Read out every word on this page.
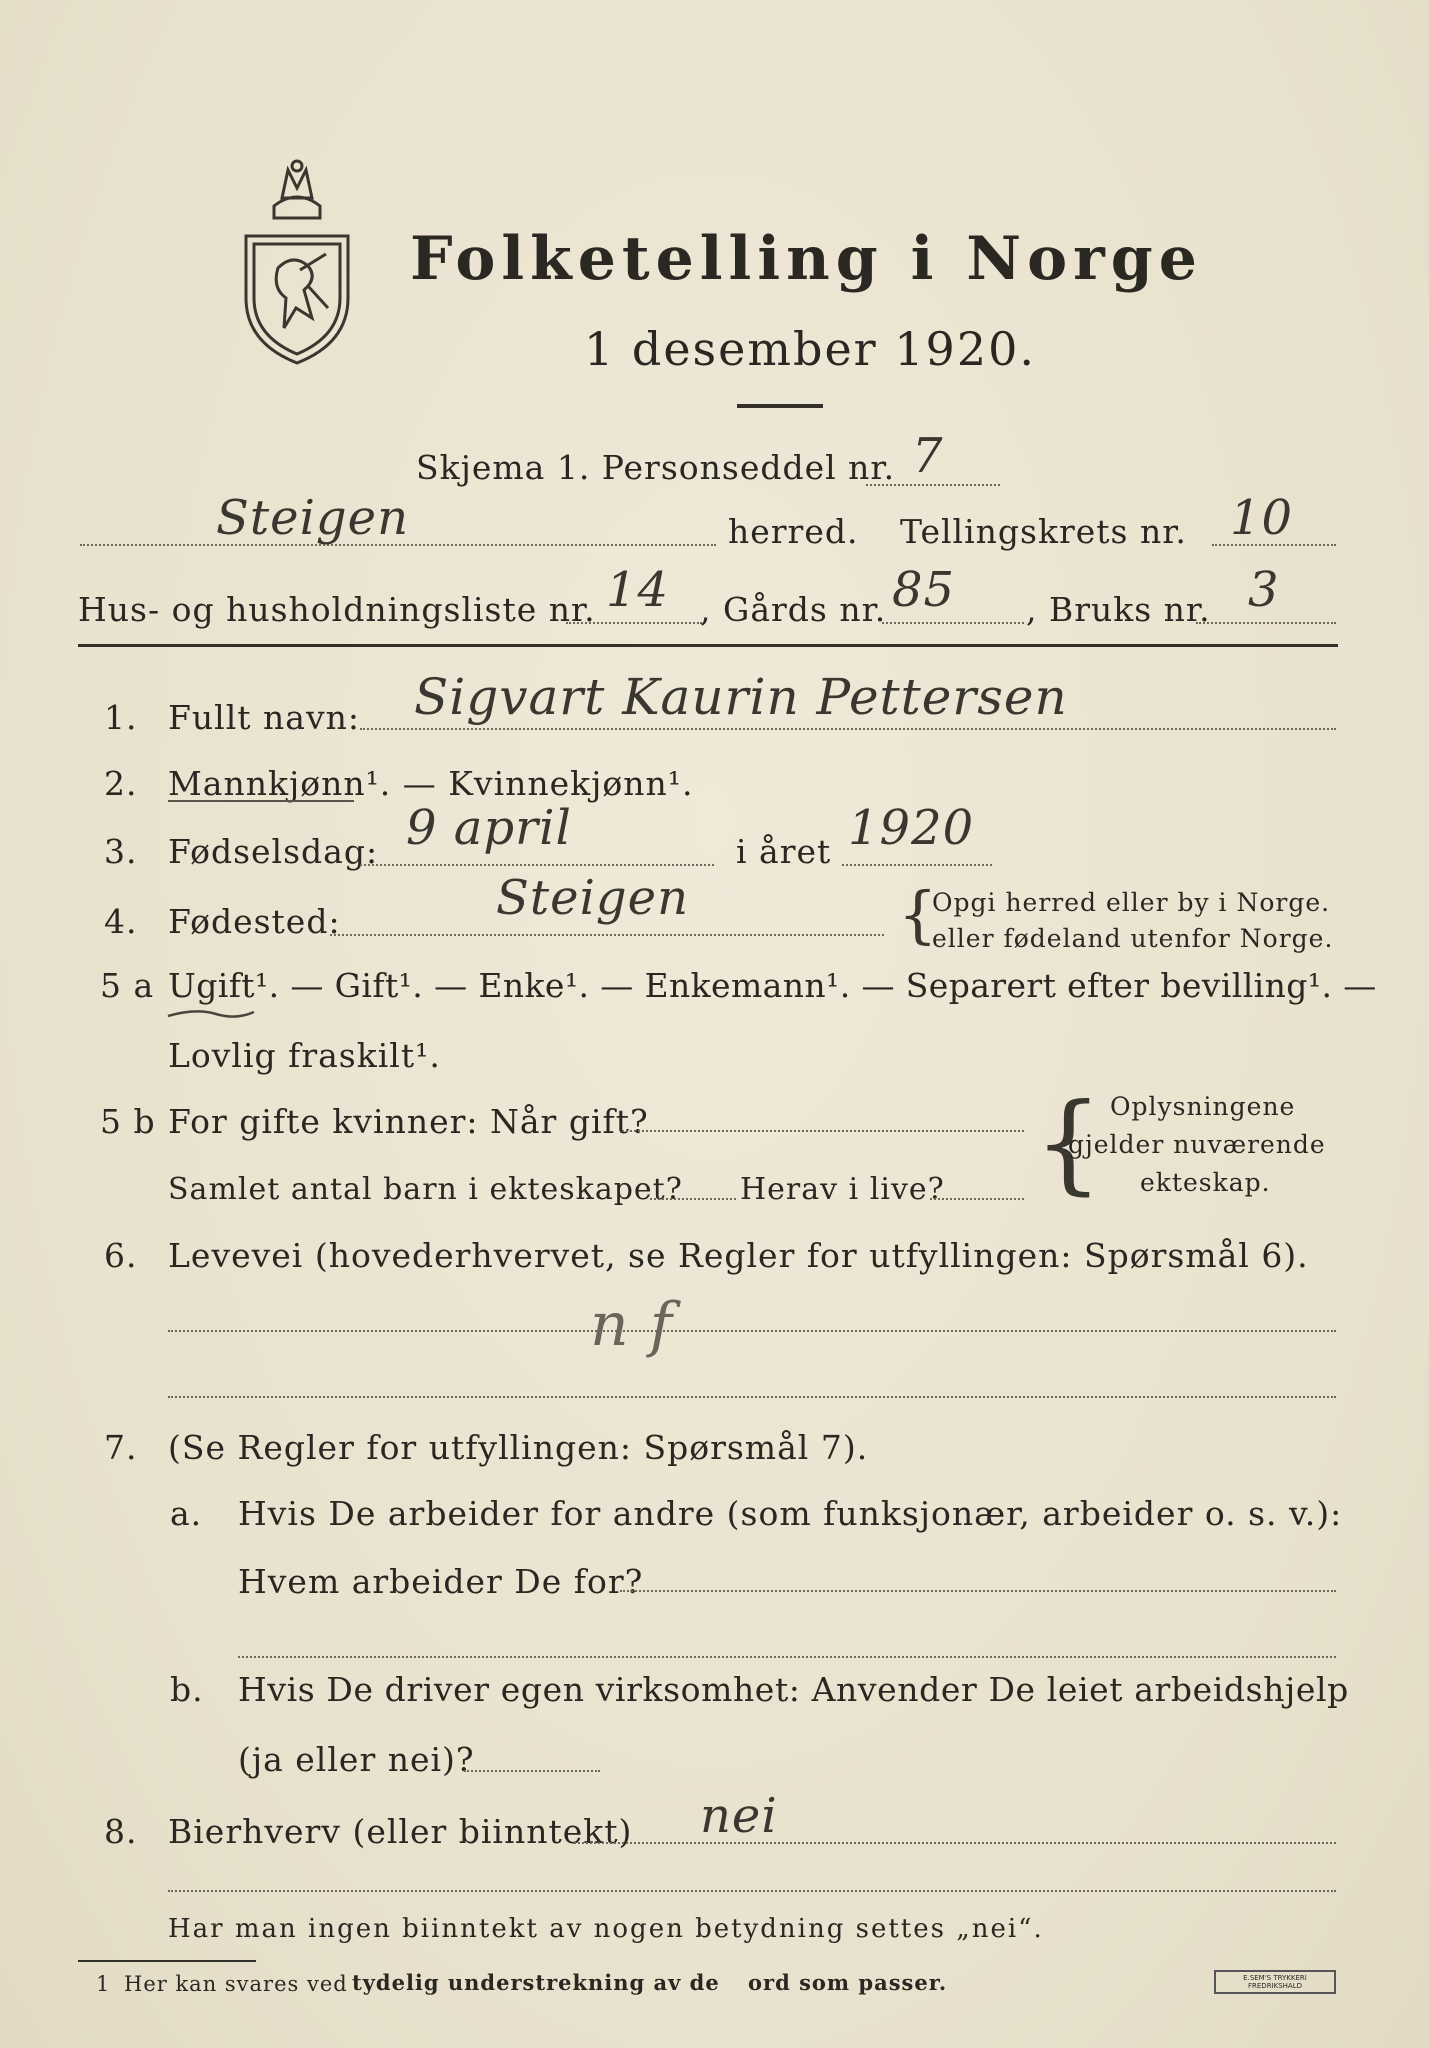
Folketelling i Norge
1 desember 1920.
Skjema 1. Personseddel nr. 7
Steigen	herred. Tellingskrets nr. 10
Hus- og husholdningsliste nr. 14 , Gårds nr. 85 , Bruks nr. 3
1. Fullt navn: Sigvart Kaurin Pettersen
2. Mannkjønn¹. — Kvinnekjønn¹.
3. Fødselsdag: 9 april	i året 1920
4. Fødested:	Steigen	{
Opgi herred eller by i Norge.
eller fødeland utenfor Norge.
5 a Ugift¹. — Gift¹. — Enke¹. — Enkemann¹. — Separert efter bevilling¹. —
Lovlig fraskilt¹.
5 b For gifte kvinner: Når gift?
Samlet antal barn i ekteskapet? Herav i live? { Oplysningene
gjelder nuværende
ekteskap.
6. Levevei (hovederhvervet, se Regler for utfyllingen: Spørsmål 6).
n f
7. (Se Regler for utfyllingen: Spørsmål 7).
a. Hvis De arbeider for andre (som funksjonær, arbeider o. s. v.):
Hvem arbeider De for?
b. Hvis De driver egen virksomhet: Anvender De leiet arbeidshjelp
(ja eller nei)?
8. Bierhverv (eller biinntekt) nei
Har man ingen biinntekt av nogen betydning settes „nei“.
1 Her kan svares ved tydelig understrekning av de ord som passer.	E.SEM'S TRYKKERI FREDRIKSHALD
